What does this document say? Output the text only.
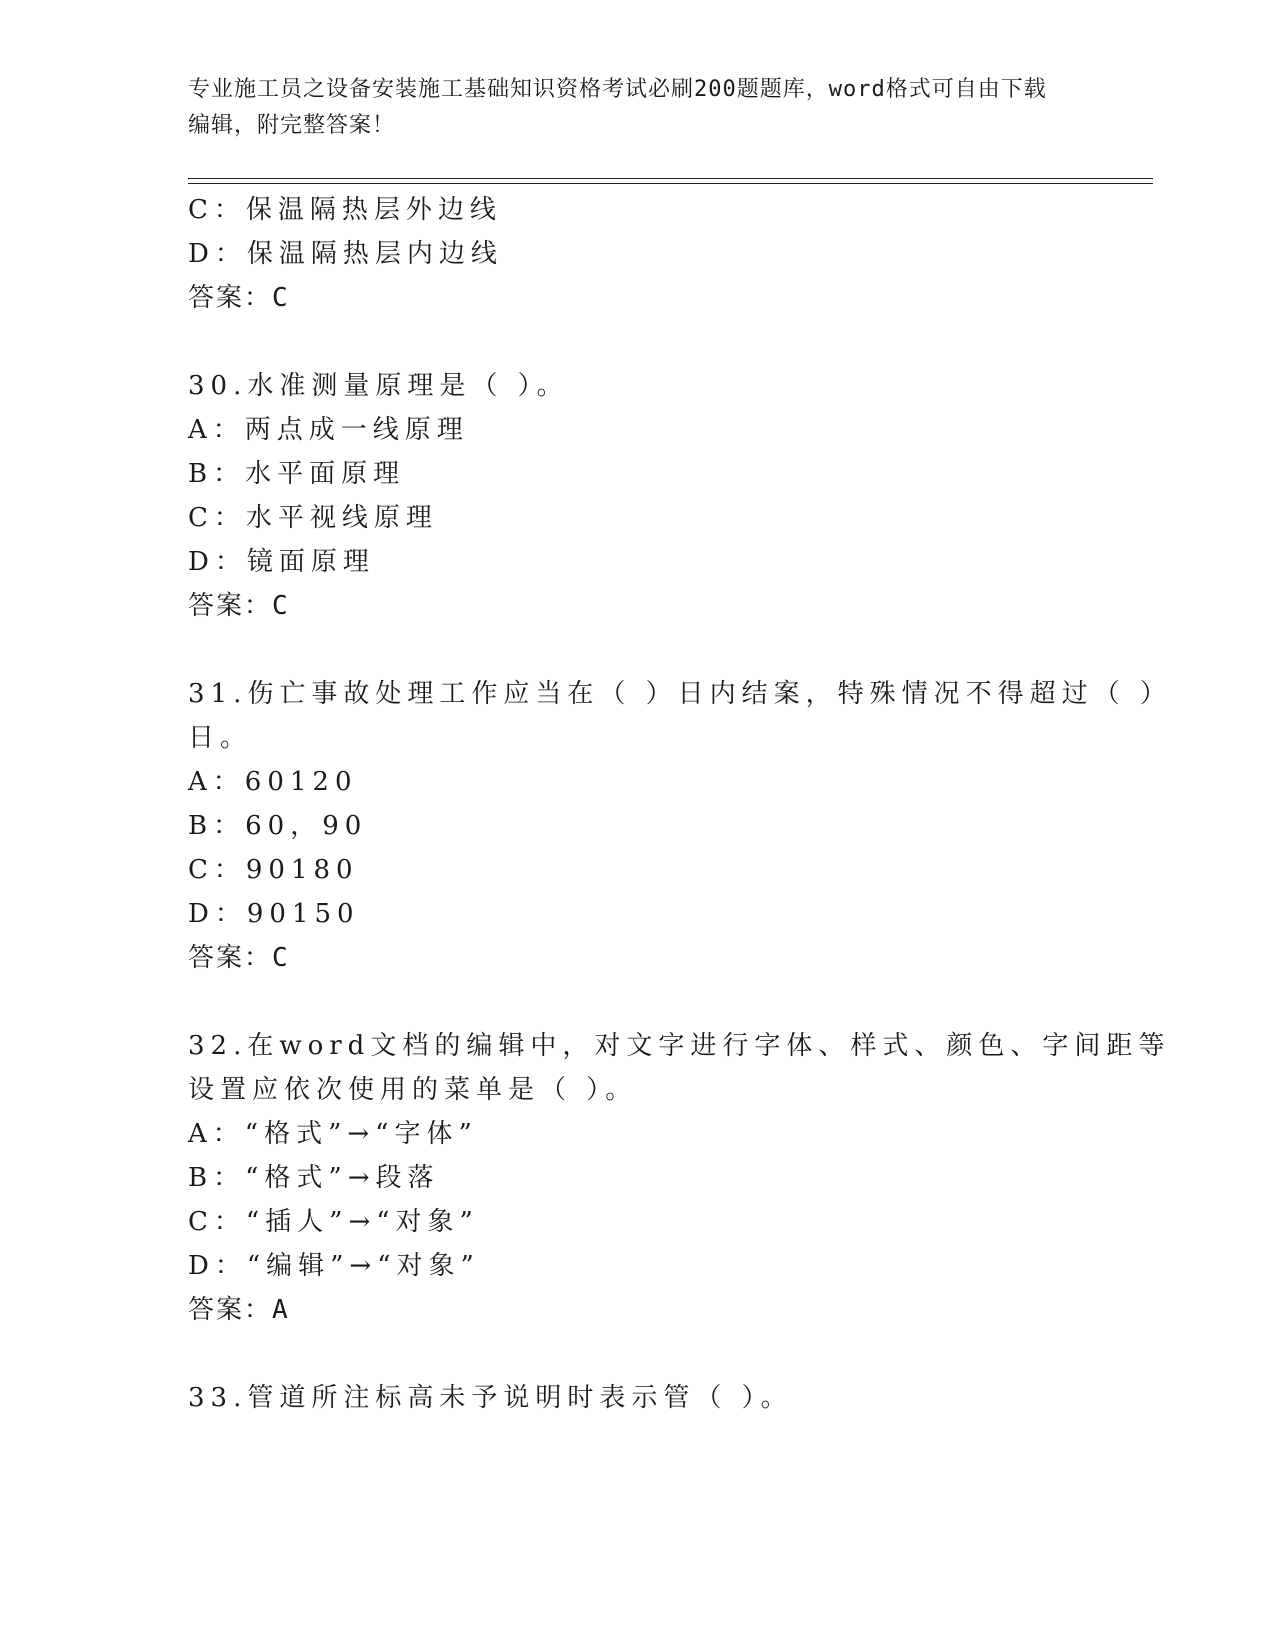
专业施工员之设备安装施工基础知识资格考试必刷200题题库，word格式可自由下载编辑，附完整答案！
C：保温隔热层外边线
D：保温隔热层内边线
答案：C
30.水准测量原理是（ ）。
A：两点成一线原理
B：水平面原理
C：水平视线原理
D：镜面原理
答案：C
31.伤亡事故处理工作应当在（ ）日内结案，特殊情况不得超过（ ）
日。
A：60120
B：60，90
C：90180
D：90150
答案：C
32.在word文档的编辑中，对文字进行字体、样式、颜色、字间距等
设置应依次使用的菜单是（ ）。
A：“格式”→“字体”
B：“格式”→段落
C：“插人”→“对象”
D：“编辑”→“对象”
答案：A
33.管道所注标高未予说明时表示管（ ）。
